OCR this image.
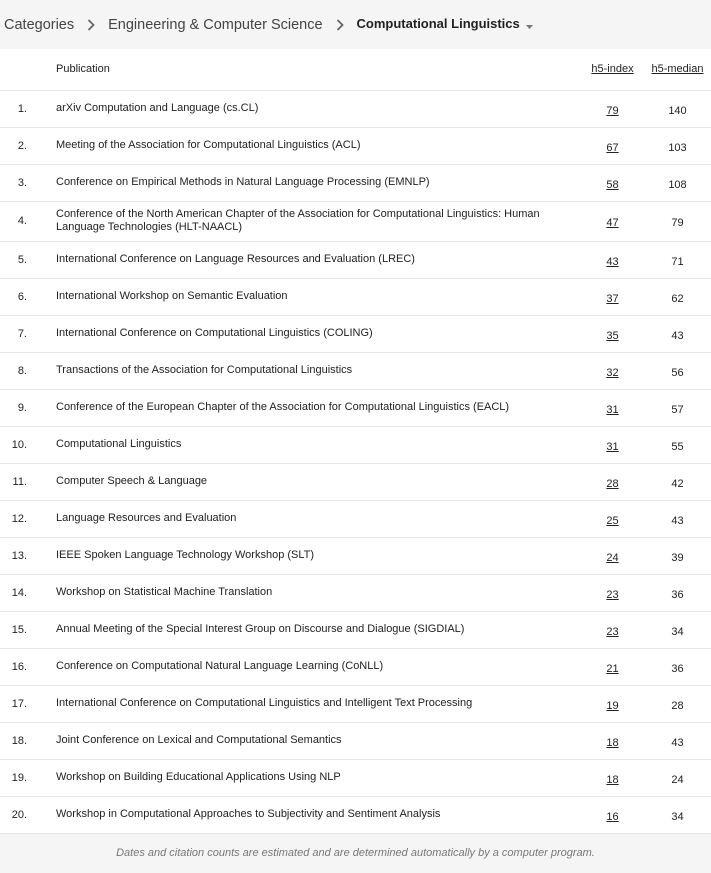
Categories Engineering & Computer Science	Computational Linguistics
	Publication	h5-index	h5-median
1.	arXiv Computation and Language (cs.CL)	79	140
2.	Meeting of the Association for Computational Linguistics (ACL)	67	103
3.	Conference on Empirical Methods in Natural Language Processing (EMNLP)	58	108
4.	Conference of the North American Chapter of the Association for Computational Linguistics: Human Language Technologies (HLT-NAACL)	47	79
5.	International Conference on Language Resources and Evaluation (LREC)	43	71
6.	International Workshop on Semantic Evaluation	37	62
7.	International Conference on Computational Linguistics (COLING)	35	43
8.	Transactions of the Association for Computational Linguistics	32	56
9.	Conference of the European Chapter of the Association for Computational Linguistics (EACL)	31	57
10.	Computational Linguistics	31	55
11.	Computer Speech & Language	28	42
12.	Language Resources and Evaluation	25	43
13.	IEEE Spoken Language Technology Workshop (SLT)	24	39
14.	Workshop on Statistical Machine Translation	23	36
15.	Annual Meeting of the Special Interest Group on Discourse and Dialogue (SIGDIAL)	23	34
16.	Conference on Computational Natural Language Learning (CoNLL)	21	36
17.	International Conference on Computational Linguistics and Intelligent Text Processing	19	28
18.	Joint Conference on Lexical and Computational Semantics	18	43
19.	Workshop on Building Educational Applications Using NLP	18	24
20.	Workshop in Computational Approaches to Subjectivity and Sentiment Analysis	16	34
Dates and citation counts are estimated and are determined automatically by a computer program.
